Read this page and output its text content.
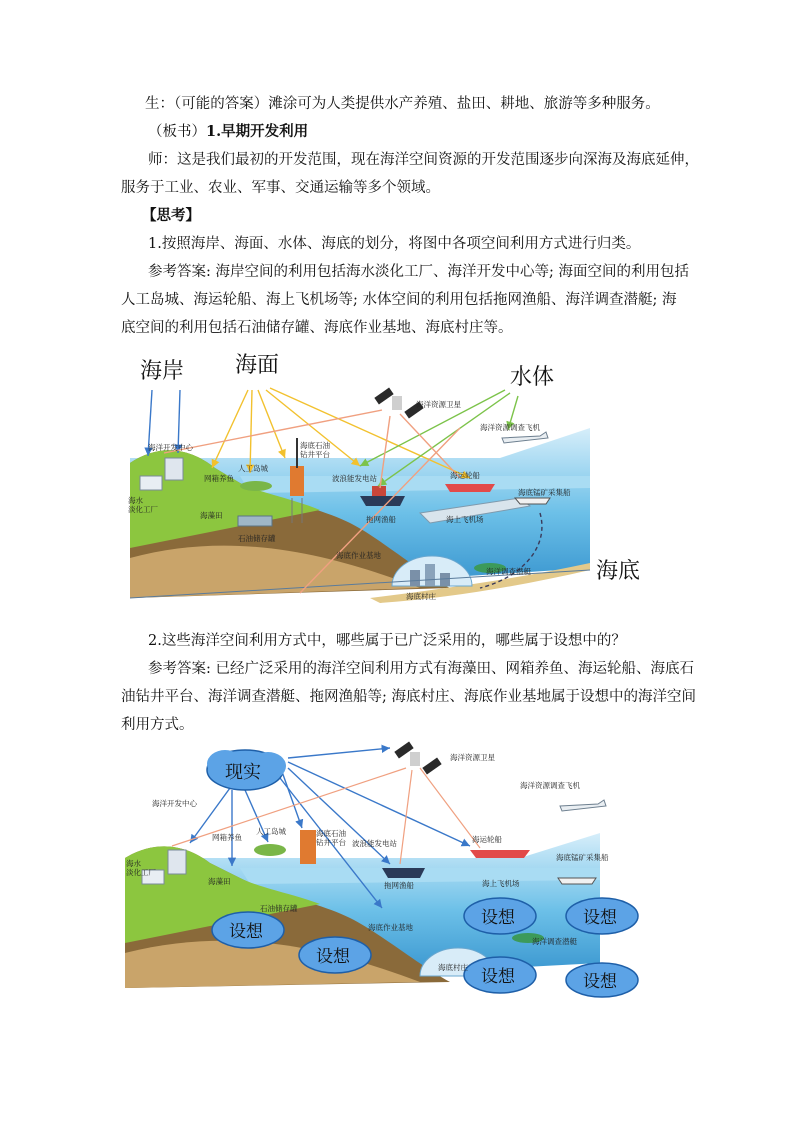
生：（可能的答案）滩涂可为人类提供水产养殖、盐田、耕地、旅游等多种服务。
（板书）1.早期开发利用
师：这是我们最初的开发范围，现在海洋空间资源的开发范围逐步向深海及海底延伸，
服务于工业、农业、军事、交通运输等多个领域。
【思考】
1.按照海岸、海面、水体、海底的划分，将图中各项空间利用方式进行归类。
参考答案: 海岸空间的利用包括海水淡化工厂、海洋开发中心等; 海面空间的利用包括
人工岛城、海运轮船、海上飞机场等; 水体空间的利用包括拖网渔船、海洋调查潜艇; 海
底空间的利用包括石油储存罐、海底作业基地、海底村庄等。
2.这些海洋空间利用方式中，哪些属于已广泛采用的，哪些属于设想中的？
参考答案: 已经广泛采用的海洋空间利用方式有海藻田、网箱养鱼、海运轮船、海底石
油钻井平台、海洋调查潜艇、拖网渔船等; 海底村庄、海底作业基地属于设想中的海洋空间
利用方式。
海岸 海面	水体
海底
海洋资源卫星
海洋资源调查飞机
海洋开发中心
网箱养鱼
人工岛城
海底石油
钻井平台
波浪能发电站	海运轮船
海底锰矿采集船
海水
淡化工厂
海藻田	拖网渔船	海上飞机场
石油储存罐
海底作业基地
海洋调查潜艇
海底村庄
现实
设想
设想
设想	设想
设想	设想
海洋资源卫星
海洋资源调查飞机
海洋开发中心
网箱养鱼
人工岛城	海底石油
钻井平台 波浪能发电站	海运轮船
海底锰矿采集船
海水
淡化工厂
海藻田	拖网渔船	海上飞机场
石油储存罐
海底作业基地
海洋调查潜艇
海底村庄
